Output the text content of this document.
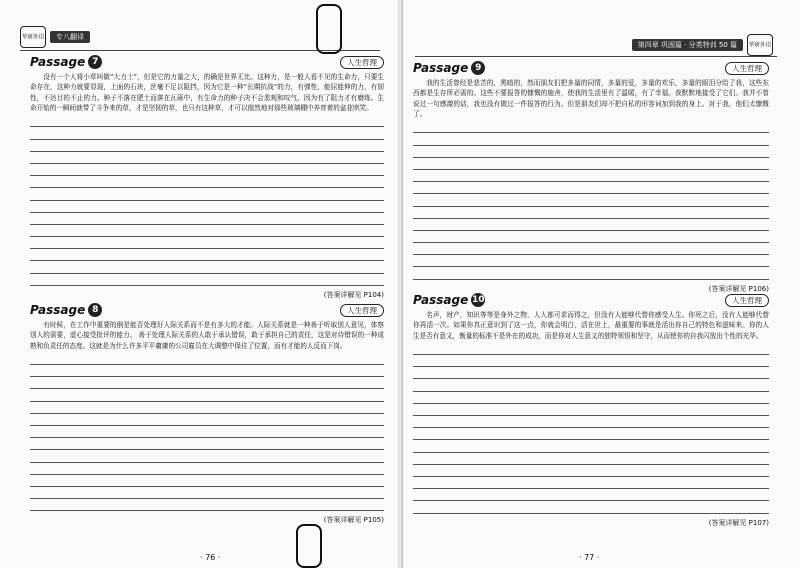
华研外语	专八翻译
Passage 7	人生哲理
没有一个人将小草叫做“大力士”，但是它的力量之大，的确是世界无比。这种力，是一般人看不见的生命力，只要生命存在，这种力就要显现，上面的石块，丝毫不足以阻挡，因为它是一种“长期抗战”的力，有弹性，能屈能伸的力，有韧性，不达目的不止的力。种子不落在肥土而落在瓦砾中，有生命力的种子决不会悲观和叹气，因为有了阻力才有磨练。生命开始的一瞬间就带了斗争来的草，才是坚韧的草，也只有这种草，才可以傲然地对那些玻璃棚中养育着的盆花哄笑。
(答案详解见 P104)
Passage 8	人生哲理
有时候，在工作中重要的倒是能否处理好人际关系而不是有多大的才能。人际关系就是一种善于听取别人意见，体察别人的需要，虚心接受批评的能力。 善于处理人际关系的人敢于承认错误，敢于承担自己的责任，这是对待错误的一种成熟和负责任的态度。这就是为什么许多平平庸庸的公司雇员在大调整中保住了位置，而有才能的人反而下岗。
(答案详解见 P105)
· 76 ·
第四章 巩固篇 · 分类特训 50 篇	华研外语
Passage 9	人生哲理
我的生活曾经是悲苦的，黑暗的，然而朋友们把多量的同情，多量的爱，多量的欢乐，多量的眼泪分给了我，这些东西都是生存所必需的。这些不要报答的慷慨的施舍，使我的生活里有了温暖，有了幸福。我默默地接受了它们。我并不曾说过一句感激的话，我也没有做过一件报答的行为。但是朋友们却不把自私的形容词加到我的身上。对于我，他们太慷慨了。
(答案详解见 P106)
Passage 10	人生哲理
名声，财产，知识等等是身外之物，人人都可求而得之，但没有人能够代替你感受人生。你死之后，没有人能够代替你再活一次。如果你真正意识到了这一点，你就会明白，活在世上，最重要的事就是活出你自己的特色和滋味来。你的人生是否有意义，衡量的标准不是外在的成功，而是你对人生意义的独特领悟和坚守，从而使你的自我闪放出个性的光华。
(答案详解见 P107)
· 77 ·
